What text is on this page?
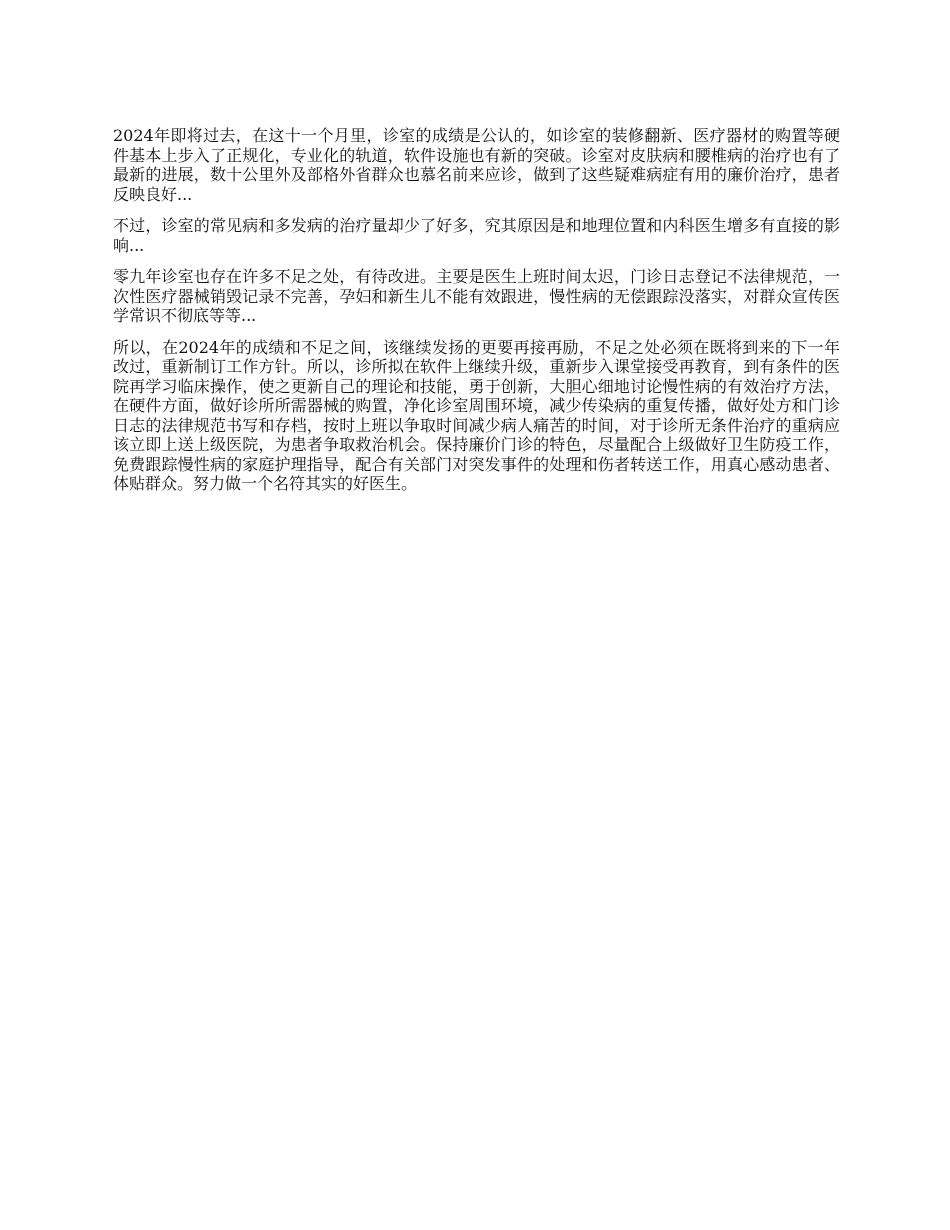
2024年即将过去，在这十一个月里，诊室的成绩是公认的，如诊室的装修翻新、医疗器材的购置等硬件基本上步入了正规化，专业化的轨道，软件设施也有新的突破。诊室对皮肤病和腰椎病的治疗也有了最新的进展，数十公里外及部格外省群众也慕名前来应诊，做到了这些疑难病症有用的廉价治疗，患者反映良好...

不过，诊室的常见病和多发病的治疗量却少了好多，究其原因是和地理位置和内科医生增多有直接的影响...

零九年诊室也存在许多不足之处，有待改进。主要是医生上班时间太迟，门诊日志登记不法律规范，一次性医疗器械销毁记录不完善，孕妇和新生儿不能有效跟进，慢性病的无偿跟踪没落实，对群众宣传医学常识不彻底等等...

所以，在2024年的成绩和不足之间，该继续发扬的更要再接再励，不足之处必须在既将到来的下一年改过，重新制订工作方针。所以，诊所拟在软件上继续升级，重新步入课堂接受再教育，到有条件的医院再学习临床操作，使之更新自己的理论和技能，勇于创新，大胆心细地讨论慢性病的有效治疗方法，在硬件方面，做好诊所所需器械的购置，净化诊室周围环境，减少传染病的重复传播，做好处方和门诊日志的法律规范书写和存档，按时上班以争取时间减少病人痛苦的时间，对于诊所无条件治疗的重病应该立即上送上级医院，为患者争取救治机会。保持廉价门诊的特色，尽量配合上级做好卫生防疫工作，免费跟踪慢性病的家庭护理指导，配合有关部门对突发事件的处理和伤者转送工作，用真心感动患者、体贴群众。努力做一个名符其实的好医生。
